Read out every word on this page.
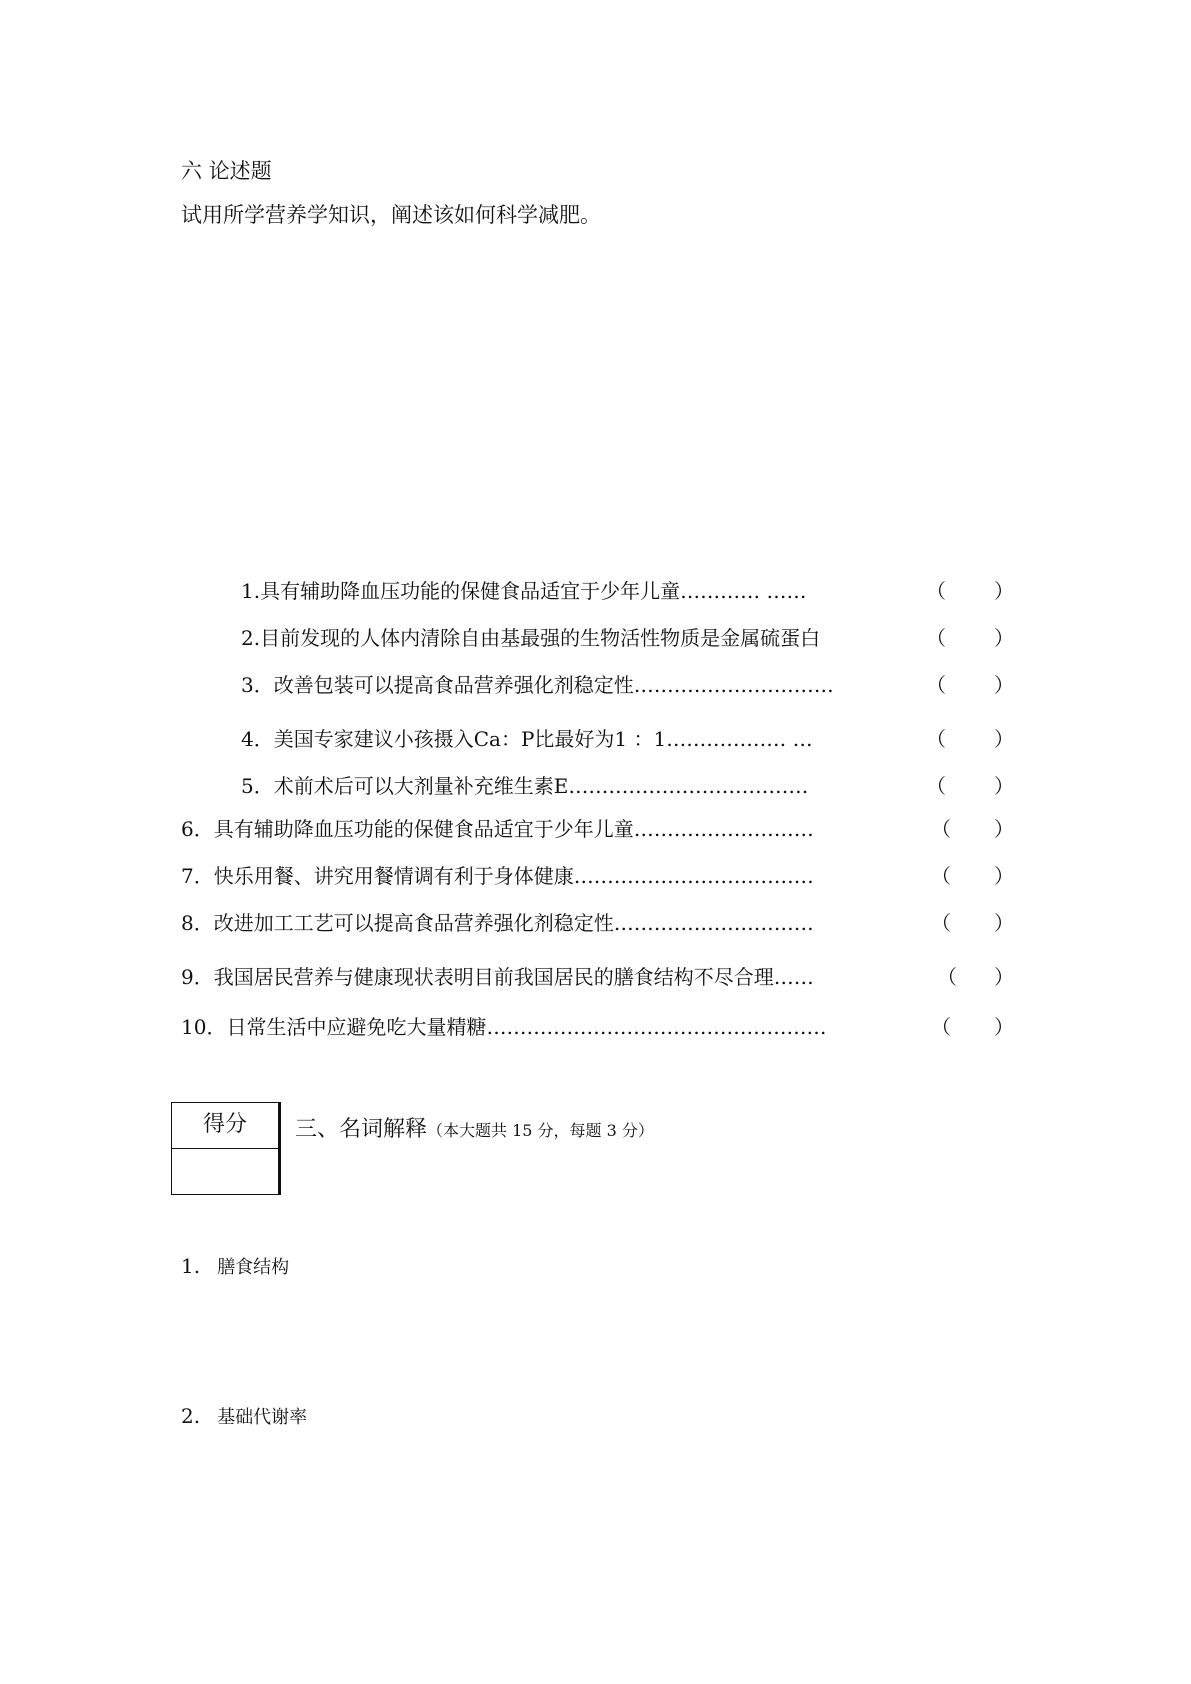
六 论述题
试用所学营养学知识，阐述该如何科学减肥。
1.具有辅助降血压功能的保健食品适宜于少年儿童………… ……	（ ）
2.目前发现的人体内清除自由基最强的生物活性物质是金属硫蛋白	（ ）
3．改善包装可以提高食品营养强化剂稳定性…………………………	（ ）
4．美国专家建议小孩摄入Ca：P比最好为1 ：1……………… …	（ ）
5．术前术后可以大剂量补充维生素E………………………………	（ ）
6．具有辅助降血压功能的保健食品适宜于少年儿童………………………	（ ）
7．快乐用餐、讲究用餐情调有利于身体健康………………………………	（ ）
8．改进加工工艺可以提高食品营养强化剂稳定性…………………………	（ ）
9．我国居民营养与健康现状表明目前我国居民的膳食结构不尽合理……	（ ）
10．日常生活中应避免吃大量精糖……………………………………………	（ ）
得分	三、名词解释（本大题共 15 分，每题 3 分）
1. 膳食结构
2. 基础代谢率
